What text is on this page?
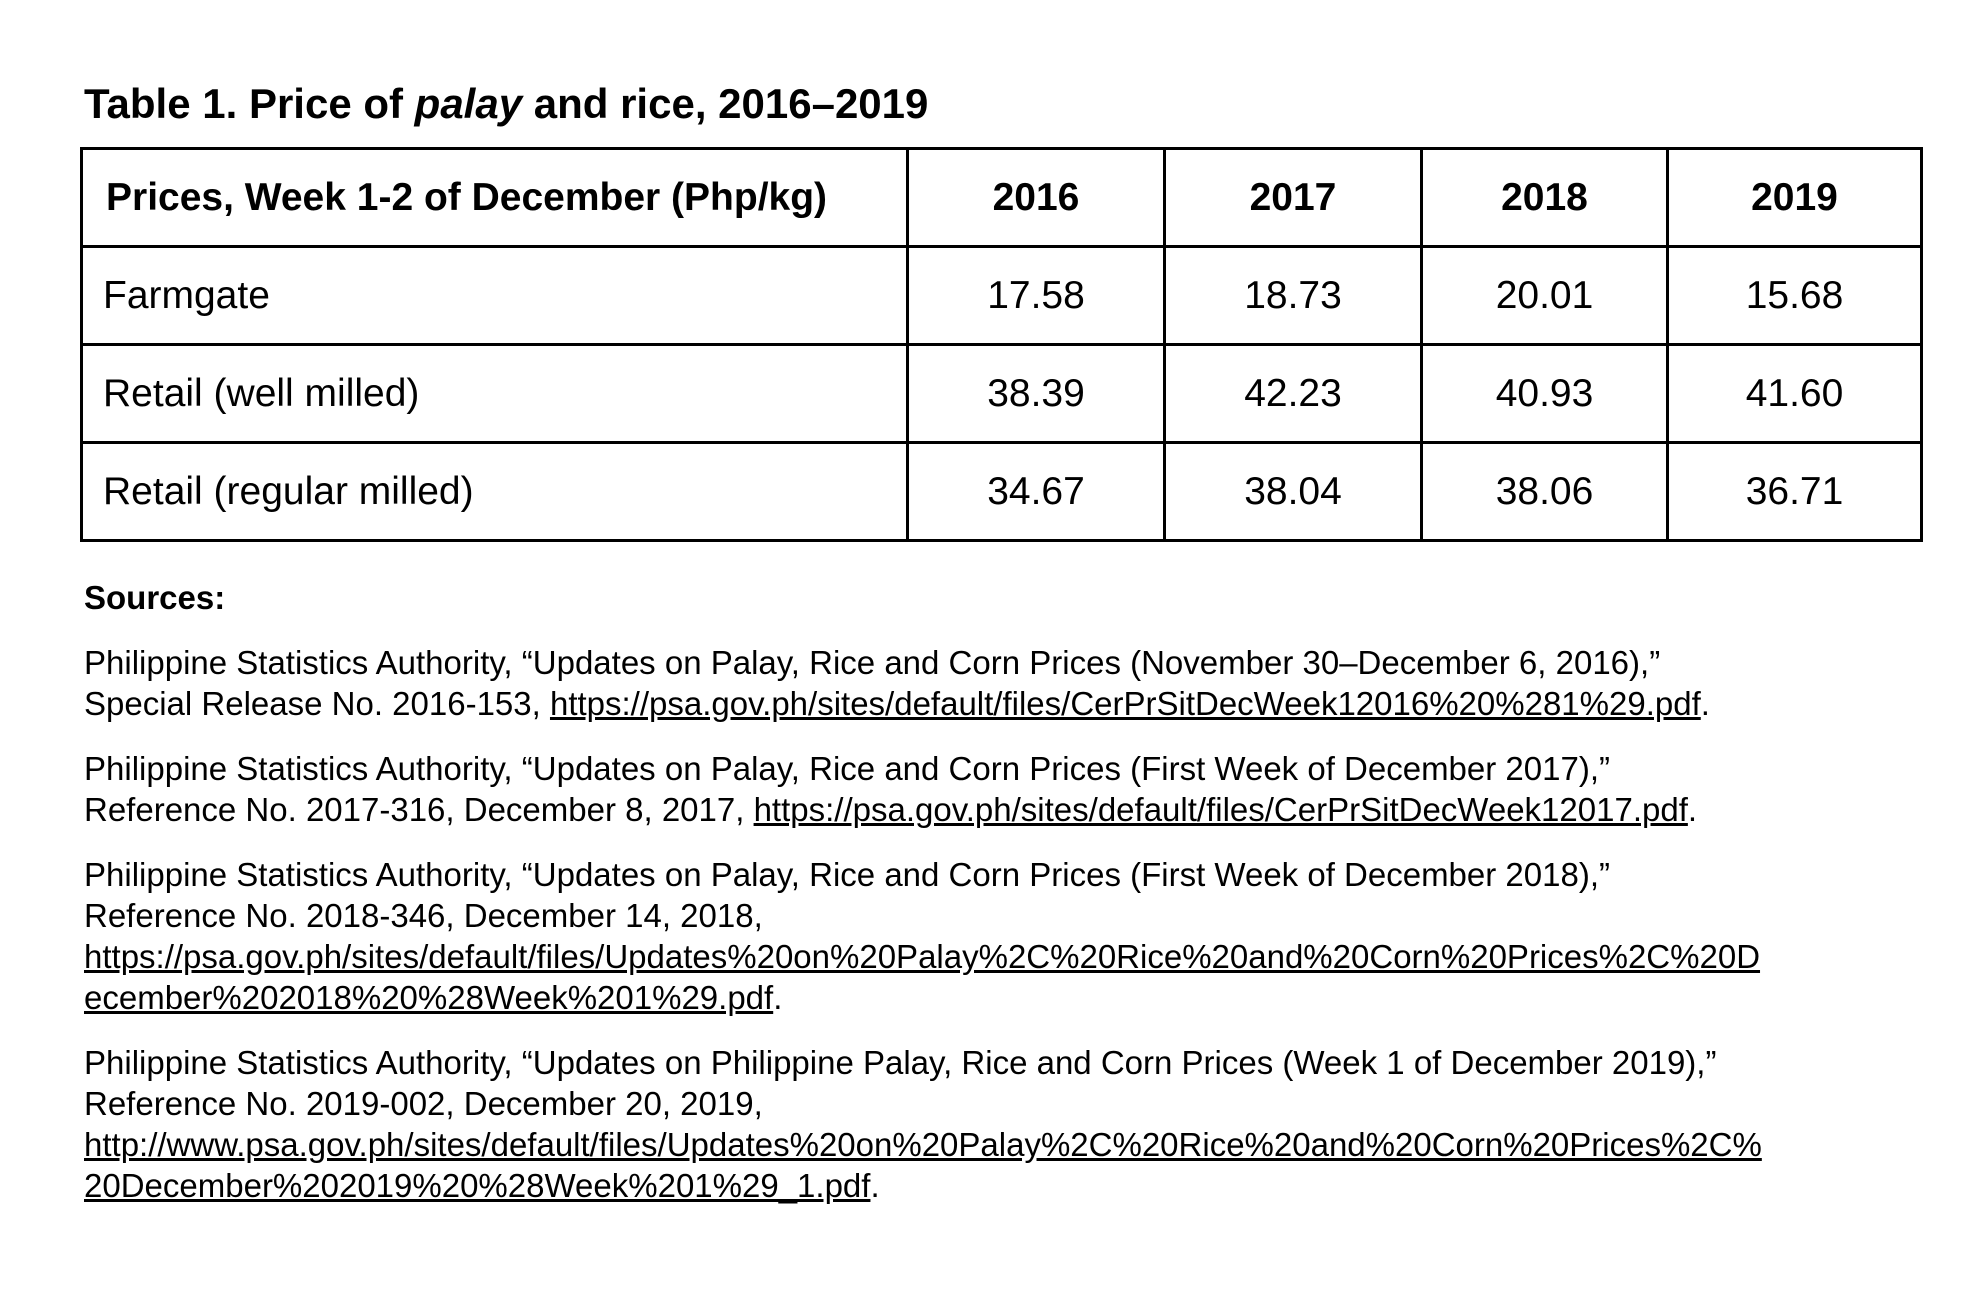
Table 1. Price of palay and rice, 2016–2019
Prices, Week 1-2 of December (Php/kg)	2016	2017	2018	2019
Farmgate	17.58	18.73	20.01	15.68
Retail (well milled)	38.39	42.23	40.93	41.60
Retail (regular milled)	34.67	38.04	38.06	36.71
Sources:
Philippine Statistics Authority, “Updates on Palay, Rice and Corn Prices (November 30–December 6, 2016),”
Special Release No. 2016-153, https://psa.gov.ph/sites/default/files/CerPrSitDecWeek12016%20%281%29.pdf.
Philippine Statistics Authority, “Updates on Palay, Rice and Corn Prices (First Week of December 2017),”
Reference No. 2017-316, December 8, 2017, https://psa.gov.ph/sites/default/files/CerPrSitDecWeek12017.pdf.
Philippine Statistics Authority, “Updates on Palay, Rice and Corn Prices (First Week of December 2018),”
Reference No. 2018-346, December 14, 2018,
https://psa.gov.ph/sites/default/files/Updates%20on%20Palay%2C%20Rice%20and%20Corn%20Prices%2C%20D
ecember%202018%20%28Week%201%29.pdf.
Philippine Statistics Authority, “Updates on Philippine Palay, Rice and Corn Prices (Week 1 of December 2019),”
Reference No. 2019-002, December 20, 2019,
http://www.psa.gov.ph/sites/default/files/Updates%20on%20Palay%2C%20Rice%20and%20Corn%20Prices%2C%
20December%202019%20%28Week%201%29_1.pdf.
